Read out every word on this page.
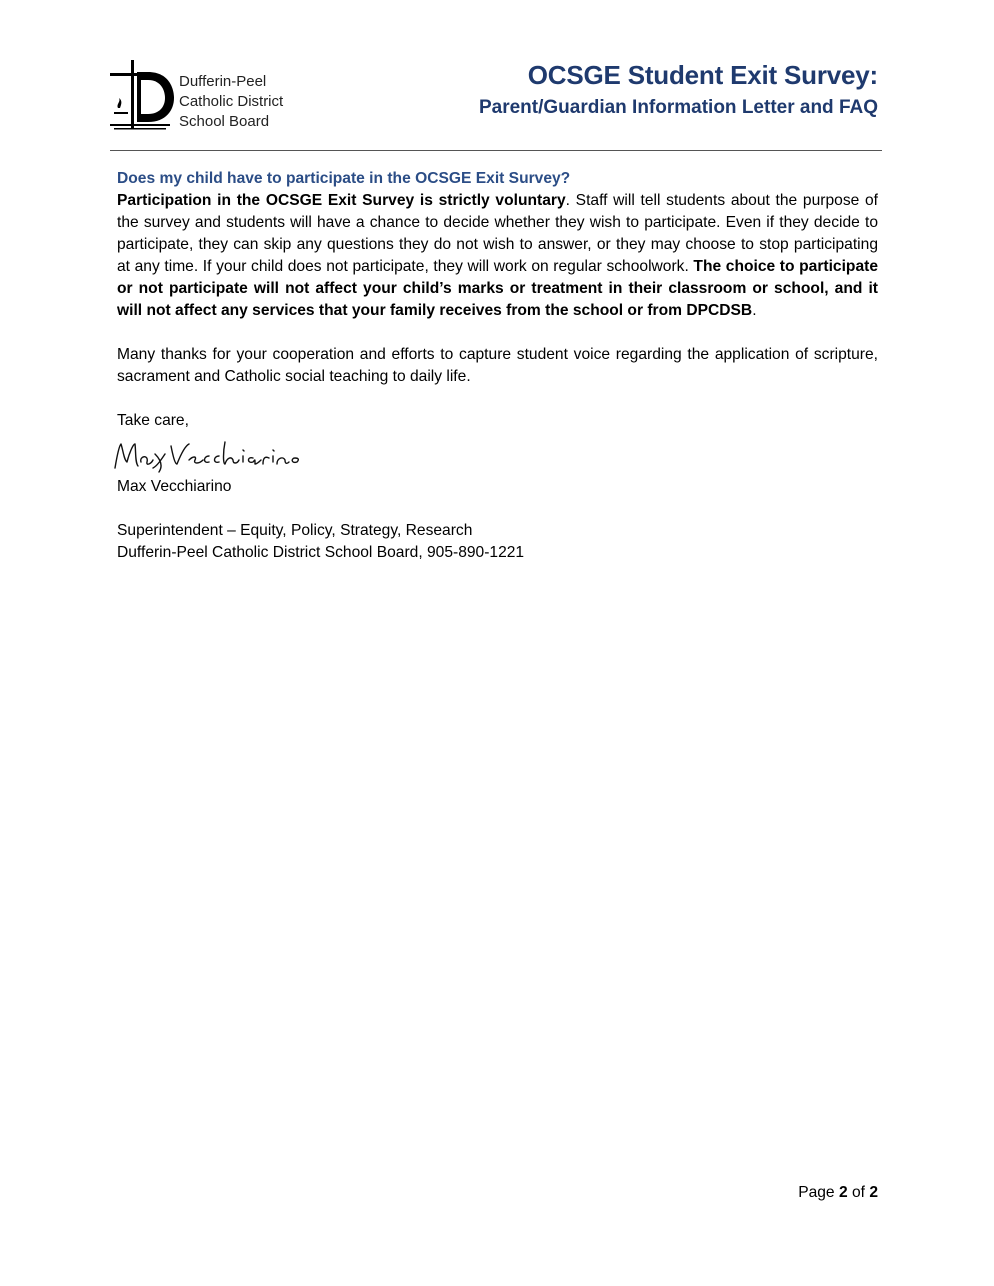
Dufferin-Peel
Catholic District
School Board
OCSGE Student Exit Survey:
Parent/Guardian Information Letter and FAQ

Does my child have to participate in the OCSGE Exit Survey?

Participation in the OCSGE Exit Survey is strictly voluntary. Staff will tell students about the purpose of the survey and students will have a chance to decide whether they wish to participate. Even if they decide to participate, they can skip any questions they do not wish to answer, or they may choose to stop participating at any time. If your child does not participate, they will work on regular schoolwork. The choice to participate or not participate will not affect your child’s marks or treatment in their classroom or school, and it will not affect any services that your family receives from the school or from DPCDSB.

Many thanks for your cooperation and efforts to capture student voice regarding the application of scripture, sacrament and Catholic social teaching to daily life.

Take care,

Max Vecchiarino

Superintendent – Equity, Policy, Strategy, Research

Dufferin-Peel Catholic District School Board, 905-890-1221

Page 2 of 2
